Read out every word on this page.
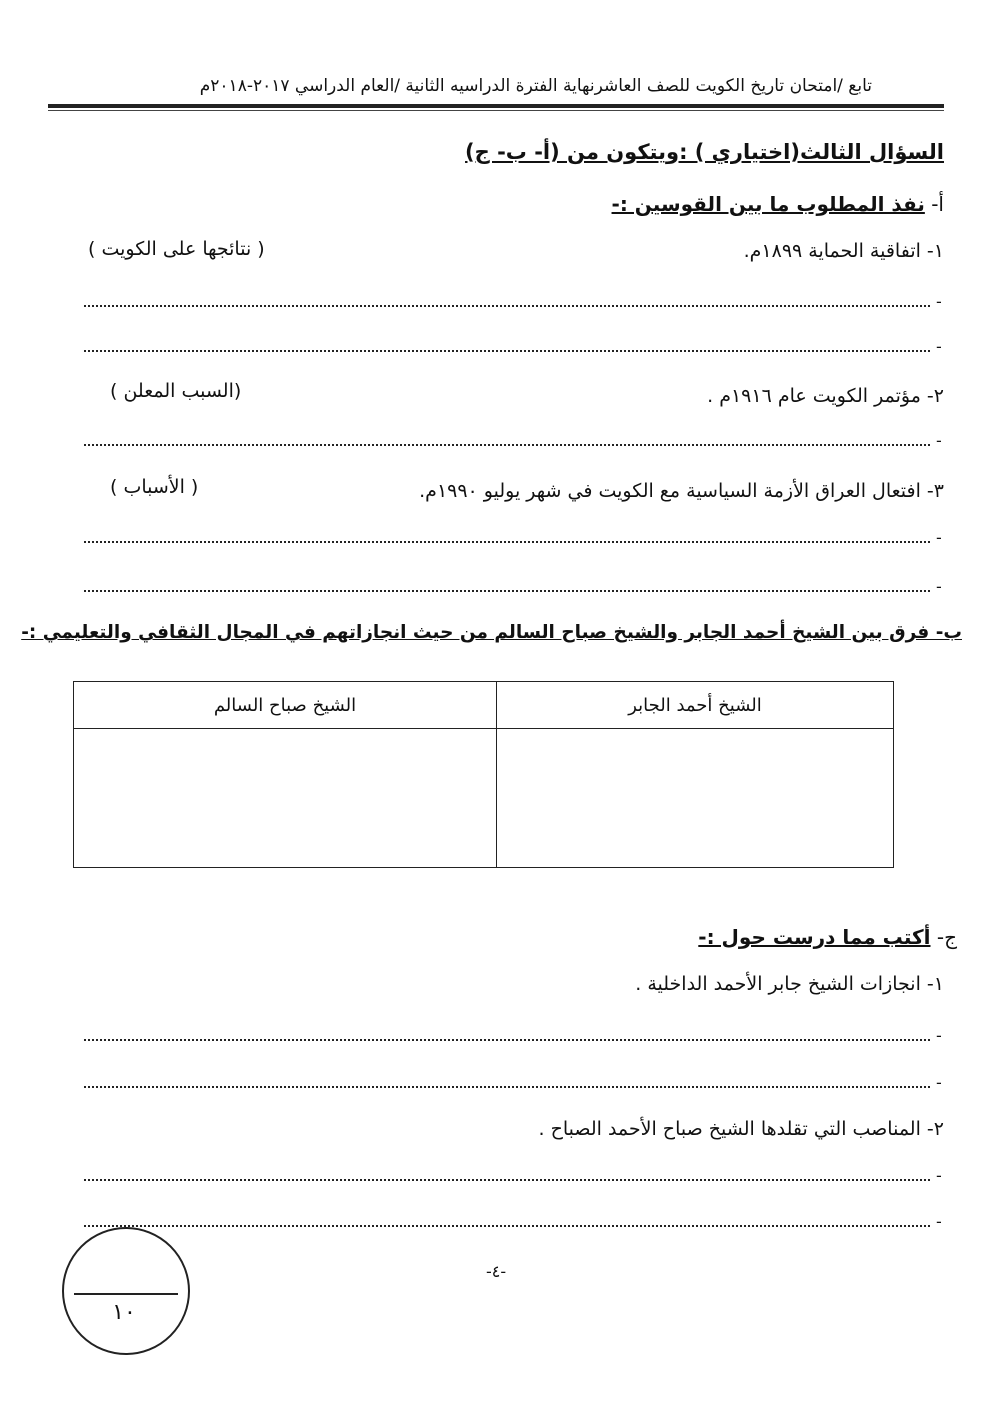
تابع /امتحان تاريخ الكويت للصف العاشرنهاية الفترة الدراسيه الثانية /العام الدراسي ٢٠١٧-٢٠١٨م
السؤال الثالث(اختياري ) :ويتكون من (أ- ب- ج)
أ- نفذ المطلوب ما بين القوسين :-
١- اتفاقية الحماية ١٨٩٩م.
( نتائجها على الكويت )
-
-
٢- مؤتمر الكويت عام ١٩١٦م .
(السبب المعلن )
-
٣- افتعال العراق الأزمة السياسية مع الكويت في شهر يوليو ١٩٩٠م.
( الأسباب )
-
-
ب- فرق بين الشيخ أحمد الجابر والشيخ صباح السالم من حيث انجازاتهم في المجال الثقافي والتعليمي :-
الشيخ أحمد الجابر	الشيخ صباح السالم

ج- أكتب مما درست حول :-
١- انجازات الشيخ جابر الأحمد الداخلية .
-
-
٢- المناصب التي تقلدها الشيخ صباح الأحمد الصباح .
-
-
-٤-
١٠
